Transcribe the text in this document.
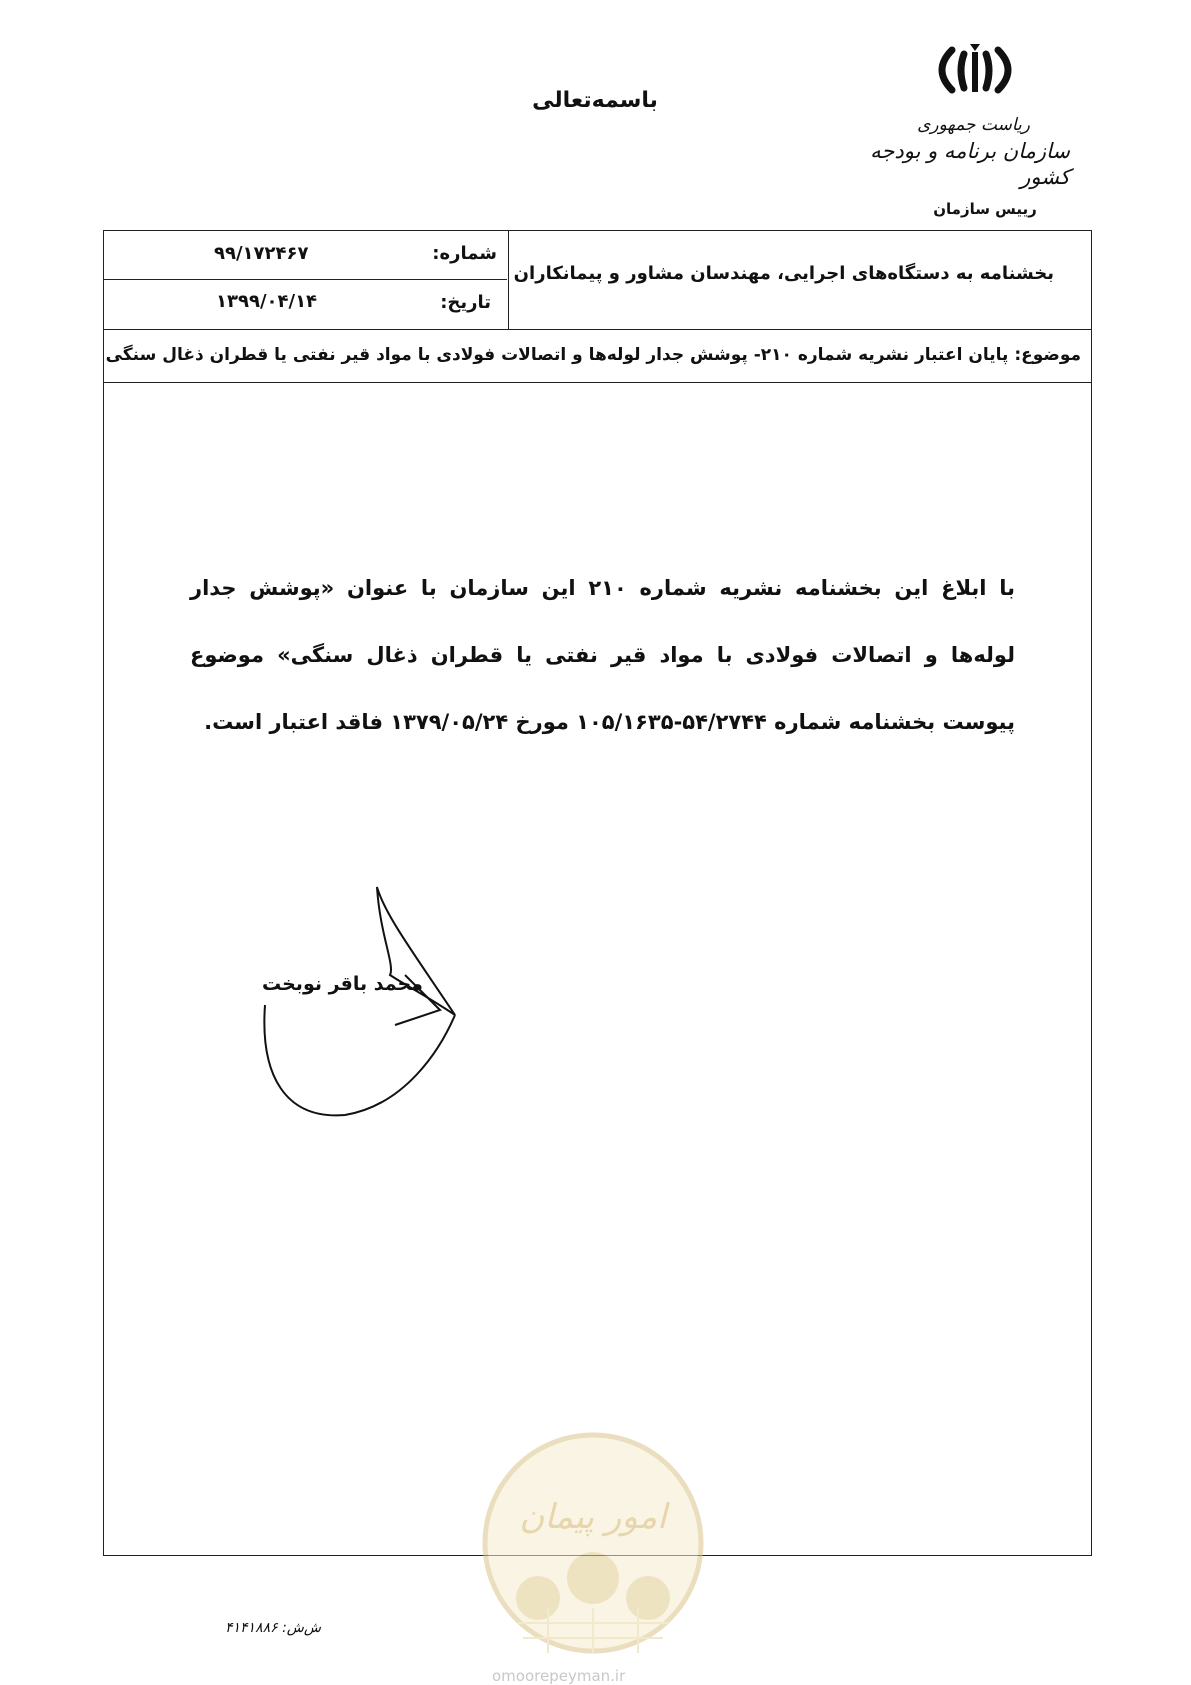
باسمه‌تعالی
ریاست جمهوری
سازمان برنامه و بودجه کشور
رییس سازمان
شماره:
۹۹/۱۷۲۴۶۷
تاریخ:
۱۳۹۹/۰۴/۱۴
بخشنامه به دستگاه‌های اجرایی، مهندسان مشاور و پیمانکاران
موضوع: پایان اعتبار نشریه شماره ۲۱۰- پوشش جدار لوله‌ها و اتصالات فولادی با مواد قیر نفتی یا قطران ذغال سنگی
با ابلاغ این بخشنامه نشریه شماره ۲۱۰ این سازمان با عنوان «پوشش جدار لوله‌ها و اتصالات فولادی با مواد قیر نفتی یا قطران ذغال سنگی» موضوع پیوست بخشنامه شماره ۵۴/۲۷۴۴-۱۰۵/۱۶۳۵ مورخ ۱۳۷۹/۰۵/۲۴ فاقد اعتبار است.
محمد باقر نوبخت
امور پیمان
ش‌ش: ۴۱۴۱۸۸۶
omoorepeyman.ir
